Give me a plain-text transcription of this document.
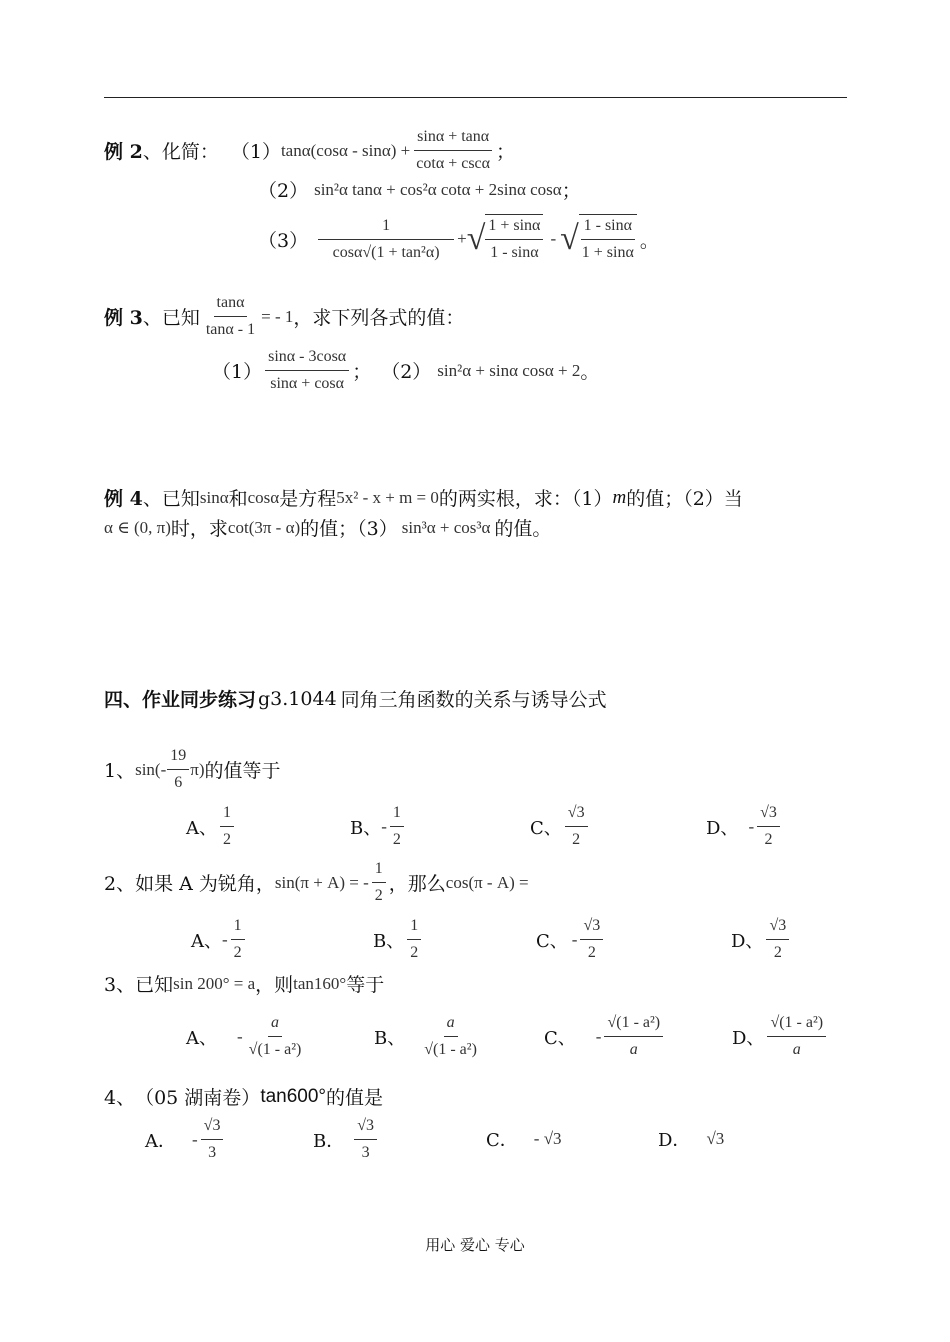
例 2 、化简： （1） $\tan\alpha(\cos\alpha - \sin\alpha) + \frac{\sin\alpha + \tan\alpha}{\cot\alpha + \csc\alpha}$ ；
（2） sin²α tanα + cos²α cotα + 2sinα cosα ；
$(3) \frac{1}{\text{cosα√(1 + tan²α)}}$ + √ $\frac{1 + \sin\alpha}{1 - \sin\alpha}$ - √ $\frac{1 - \sin\alpha}{1 + \sin\alpha}$ 。
例 3 、已知 $\frac{\tan\alpha}{\tan\alpha - 1}$ = - 1 ，求下列各式的值：
$(1) \frac{\sin\alpha - 3\cos\alpha}{\sin\alpha + \cos\alpha}$ ； （2） sin²α + sinα cosα + 2 。
例 4 、已知 sinα 和 cosα 是方程 5x² - x + m = 0 的两实根，求：（1） m 的值；（2）当
α ∈ (0, π) 时，求 cot(3π - α) 的值；（3） sin³α + cos³α 的值。
四、作业同步练习 g3.1044 同角三角函数的关系与诱导公式
1、 $\sin(- \frac{19}{6} \pi)$ 的值等于
A、 $\frac{1}{2}$	B、 - $\frac{1}{2}$	C、 $\frac{√3}{2}$	D、 - $\frac{√3}{2}$
2、 如果 A 为锐角， sin(π + A) = - $\frac{1}{2}$ ，那么 cos(π - A) =
A、 - $\frac{1}{2}$	B、 $\frac{1}{2}$	C、 - $\frac{√3}{2}$	D、 $\frac{√3}{2}$
3、 已知 sin 200° = a ，则 tan160° 等于
A、 - $\frac{a}{\text{√(1 - a²)}}$	B、 $\frac{a}{\text{√(1 - a²)}}$	C、 - $\frac{\text{√(1 - a²)}}{a}$	D、 $\frac{\text{√(1 - a²)}}{a}$
4、 （05 湖南卷） tan600° 的值是
A． - $\frac{√3}{3}$	B． $\frac{√3}{3}$	C． - √3	D． √3
用心 爱心 专心
